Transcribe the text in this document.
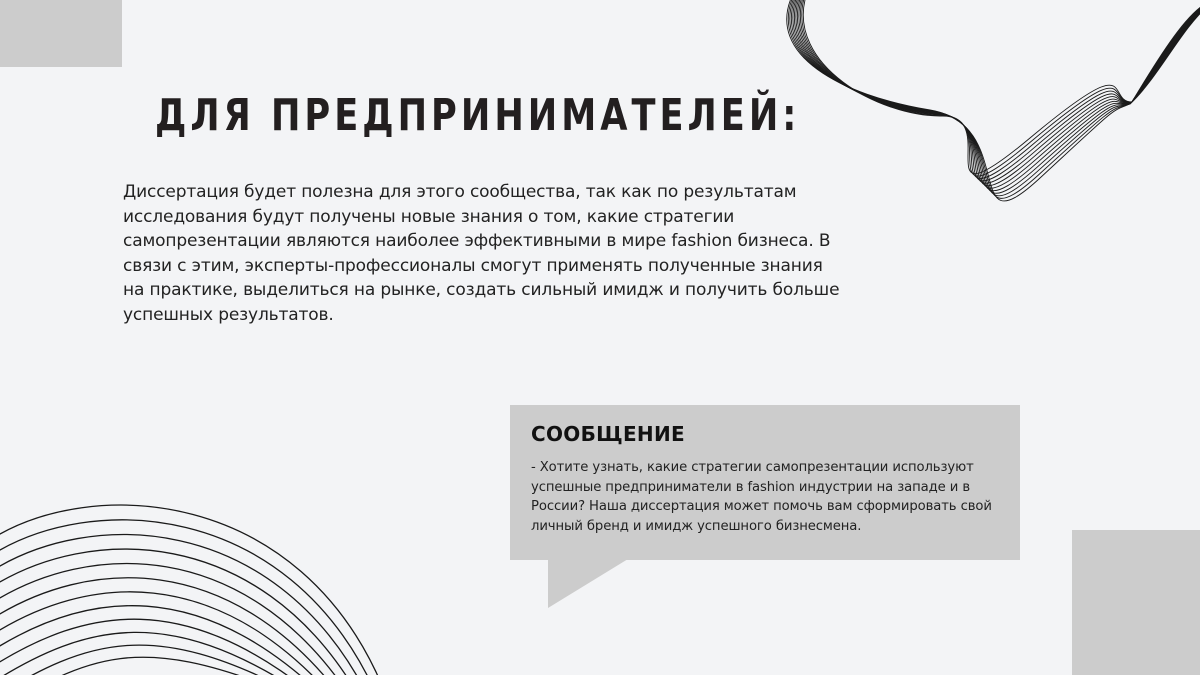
ДЛЯ ПРЕДПРИНИМАТЕЛЕЙ:

Диссертация будет полезна для этого сообщества, так как по результатам исследования будут получены новые знания о том, какие стратегии самопрезентации являются наиболее эффективными в мире fashion бизнеса. В связи с этим, эксперты-профессионалы смогут применять полученные знания на практике, выделиться на рынке, создать сильный имидж и получить больше успешных результатов.

СООБЩЕНИЕ

- Хотите узнать, какие стратегии самопрезентации используют успешные предприниматели в fashion индустрии на западе и в России? Наша диссертация может помочь вам сформировать свой личный бренд и имидж успешного бизнесмена.
